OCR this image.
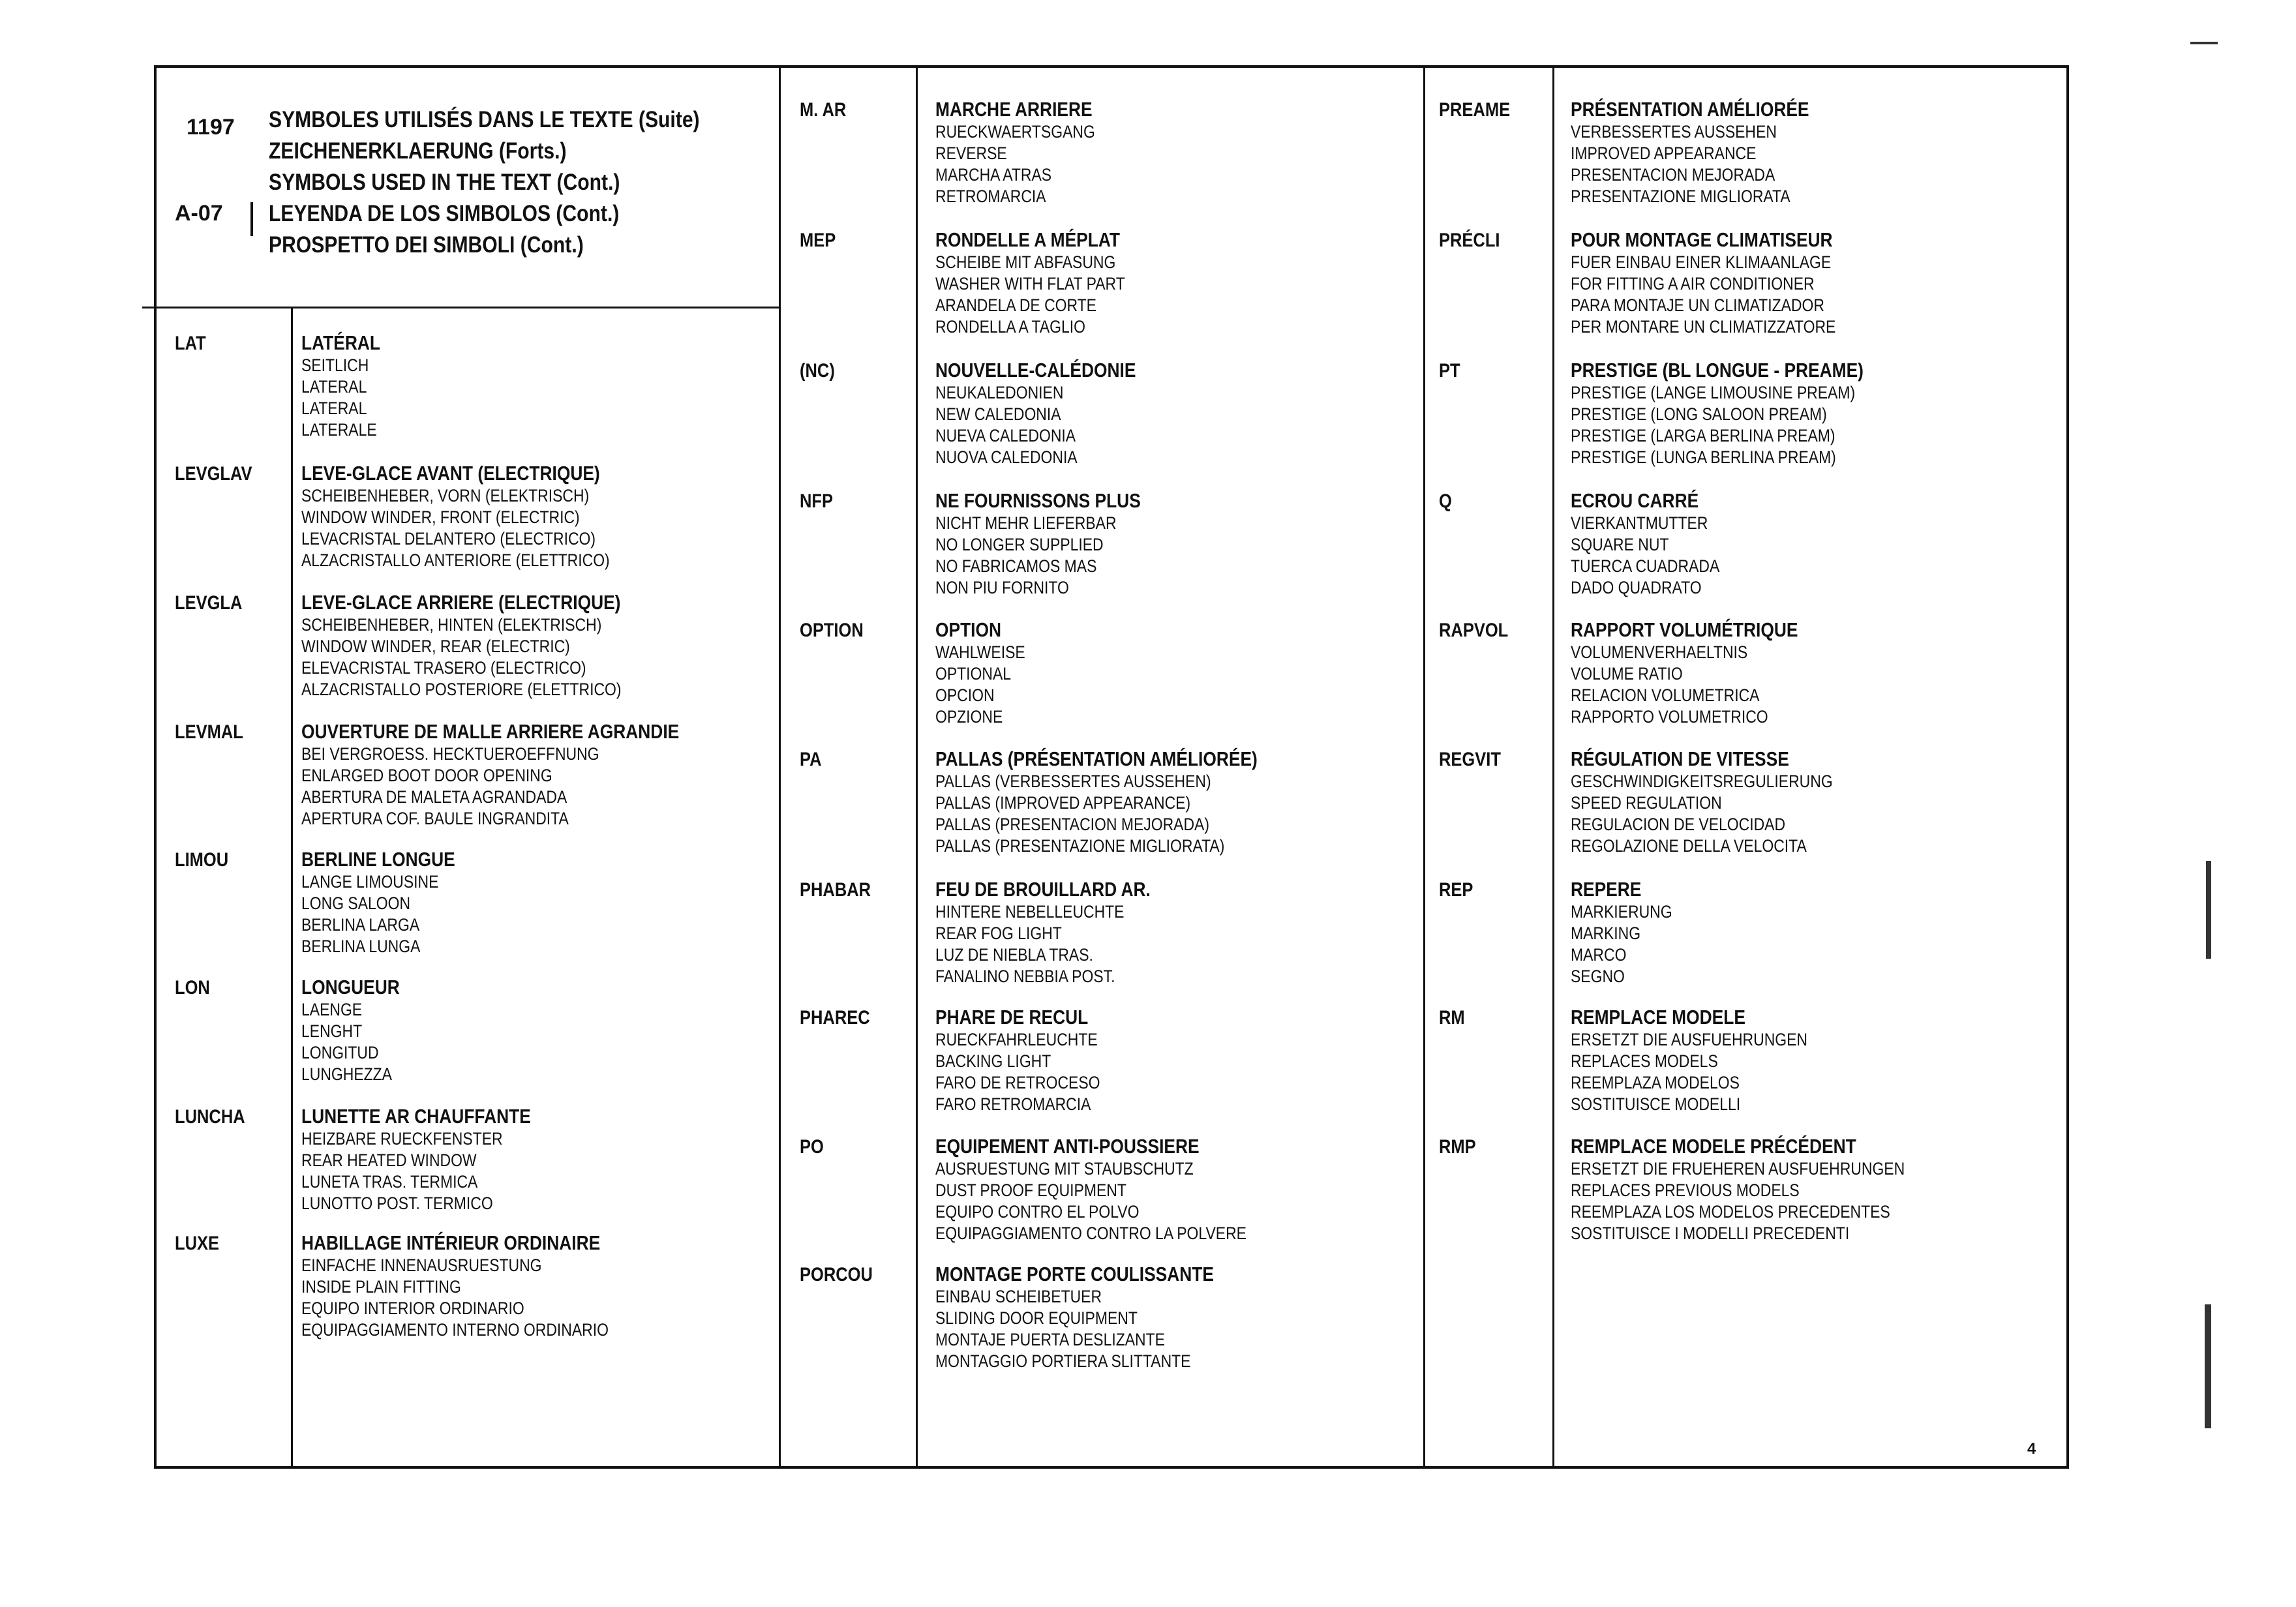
1197
A-07
SYMBOLES UTILISÉS DANS LE TEXTE (Suite)
ZEICHENERKLAERUNG (Forts.)
SYMBOLS USED IN THE TEXT (Cont.)
LEYENDA DE LOS SIMBOLOS (Cont.)
PROSPETTO DEI SIMBOLI (Cont.)
LAT	LATÉRAL
SEITLICH
LATERAL
LATERAL
LATERALE
LEVGLAV LEVE-GLACE AVANT (ELECTRIQUE)
SCHEIBENHEBER, VORN (ELEKTRISCH)
WINDOW WINDER, FRONT (ELECTRIC)
LEVACRISTAL DELANTERO (ELECTRICO)
ALZACRISTALLO ANTERIORE (ELETTRICO)
LEVGLA	LEVE-GLACE ARRIERE (ELECTRIQUE)
SCHEIBENHEBER, HINTEN (ELEKTRISCH)
WINDOW WINDER, REAR (ELECTRIC)
ELEVACRISTAL TRASERO (ELECTRICO)
ALZACRISTALLO POSTERIORE (ELETTRICO)
LEVMAL	OUVERTURE DE MALLE ARRIERE AGRANDIE
BEI VERGROESS. HECKTUEROEFFNUNG
ENLARGED BOOT DOOR OPENING
ABERTURA DE MALETA AGRANDADA
APERTURA COF. BAULE INGRANDITA
LIMOU	BERLINE LONGUE
LANGE LIMOUSINE
LONG SALOON
BERLINA LARGA
BERLINA LUNGA
LON	LONGUEUR
LAENGE
LENGHT
LONGITUD
LUNGHEZZA
LUNCHA	LUNETTE AR CHAUFFANTE
HEIZBARE RUECKFENSTER
REAR HEATED WINDOW
LUNETA TRAS. TERMICA
LUNOTTO POST. TERMICO
LUXE	HABILLAGE INTÉRIEUR ORDINAIRE
EINFACHE INNENAUSRUESTUNG
INSIDE PLAIN FITTING
EQUIPO INTERIOR ORDINARIO
EQUIPAGGIAMENTO INTERNO ORDINARIO
M. AR	MARCHE ARRIERE
RUECKWAERTSGANG
REVERSE
MARCHA ATRAS
RETROMARCIA
MEP	RONDELLE A MÉPLAT
SCHEIBE MIT ABFASUNG
WASHER WITH FLAT PART
ARANDELA DE CORTE
RONDELLA A TAGLIO
(NC)	NOUVELLE-CALÉDONIE
NEUKALEDONIEN
NEW CALEDONIA
NUEVA CALEDONIA
NUOVA CALEDONIA
NFP	NE FOURNISSONS PLUS
NICHT MEHR LIEFERBAR
NO LONGER SUPPLIED
NO FABRICAMOS MAS
NON PIU FORNITO
OPTION	OPTION
WAHLWEISE
OPTIONAL
OPCION
OPZIONE
PA	PALLAS (PRÉSENTATION AMÉLIORÉE)
PALLAS (VERBESSERTES AUSSEHEN)
PALLAS (IMPROVED APPEARANCE)
PALLAS (PRESENTACION MEJORADA)
PALLAS (PRESENTAZIONE MIGLIORATA)
PHABAR	FEU DE BROUILLARD AR.
HINTERE NEBELLEUCHTE
REAR FOG LIGHT
LUZ DE NIEBLA TRAS.
FANALINO NEBBIA POST.
PHAREC	PHARE DE RECUL
RUECKFAHRLEUCHTE
BACKING LIGHT
FARO DE RETROCESO
FARO RETROMARCIA
PO	EQUIPEMENT ANTI-POUSSIERE
AUSRUESTUNG MIT STAUBSCHUTZ
DUST PROOF EQUIPMENT
EQUIPO CONTRO EL POLVO
EQUIPAGGIAMENTO CONTRO LA POLVERE
PORCOU	MONTAGE PORTE COULISSANTE
EINBAU SCHEIBETUER
SLIDING DOOR EQUIPMENT
MONTAJE PUERTA DESLIZANTE
MONTAGGIO PORTIERA SLITTANTE
PREAME	PRÉSENTATION AMÉLIORÉE
VERBESSERTES AUSSEHEN
IMPROVED APPEARANCE
PRESENTACION MEJORADA
PRESENTAZIONE MIGLIORATA
PRÉCLI	POUR MONTAGE CLIMATISEUR
FUER EINBAU EINER KLIMAANLAGE
FOR FITTING A AIR CONDITIONER
PARA MONTAJE UN CLIMATIZADOR
PER MONTARE UN CLIMATIZZATORE
PT	PRESTIGE (BL LONGUE - PREAME)
PRESTIGE (LANGE LIMOUSINE PREAM)
PRESTIGE (LONG SALOON PREAM)
PRESTIGE (LARGA BERLINA PREAM)
PRESTIGE (LUNGA BERLINA PREAM)
Q	ECROU CARRÉ
VIERKANTMUTTER
SQUARE NUT
TUERCA CUADRADA
DADO QUADRATO
RAPVOL	RAPPORT VOLUMÉTRIQUE
VOLUMENVERHAELTNIS
VOLUME RATIO
RELACION VOLUMETRICA
RAPPORTO VOLUMETRICO
REGVIT	RÉGULATION DE VITESSE
GESCHWINDIGKEITSREGULIERUNG
SPEED REGULATION
REGULACION DE VELOCIDAD
REGOLAZIONE DELLA VELOCITA
REP	REPERE
MARKIERUNG
MARKING
MARCO
SEGNO
RM	REMPLACE MODELE
ERSETZT DIE AUSFUEHRUNGEN
REPLACES MODELS
REEMPLAZA MODELOS
SOSTITUISCE MODELLI
RMP	REMPLACE MODELE PRÉCÉDENT
ERSETZT DIE FRUEHEREN AUSFUEHRUNGEN
REPLACES PREVIOUS MODELS
REEMPLAZA LOS MODELOS PRECEDENTES
SOSTITUISCE I MODELLI PRECEDENTI
4
